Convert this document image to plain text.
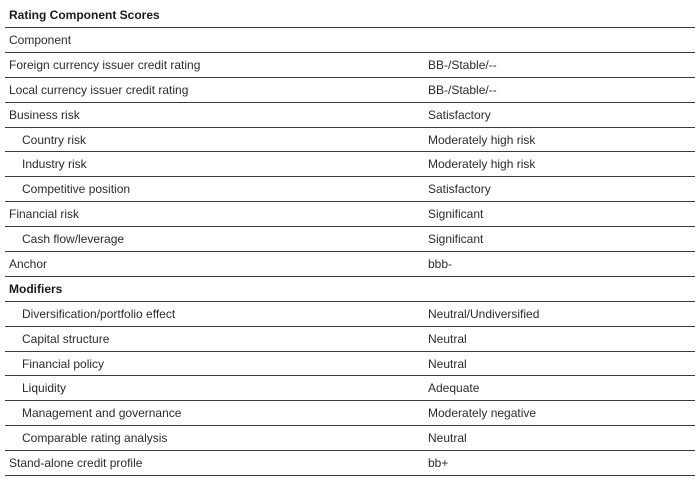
Rating Component Scores
Component
Foreign currency issuer credit rating	BB-/Stable/--
Local currency issuer credit rating	BB-/Stable/--
Business risk	Satisfactory
Country risk	Moderately high risk
Industry risk	Moderately high risk
Competitive position	Satisfactory
Financial risk	Significant
Cash flow/leverage	Significant
Anchor	bbb-
Modifiers
Diversification/portfolio effect	Neutral/Undiversified
Capital structure	Neutral
Financial policy	Neutral
Liquidity	Adequate
Management and governance	Moderately negative
Comparable rating analysis	Neutral
Stand-alone credit profile	bb+
